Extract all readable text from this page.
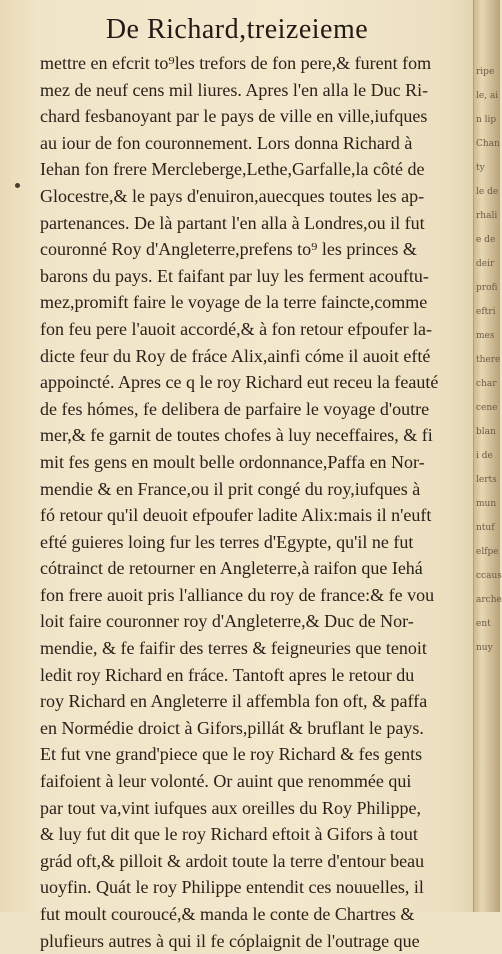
De Richard,treizeieme
mettre en efcrit to⁹les trefors de fon pere,& furent fom
mez de neuf cens mil liures. Apres l'en alla le Duc Ri-
chard fesbanoyant par le pays de ville en ville,iufques
au iour de fon couronnement. Lors donna Richard à
Iehan fon frere Mercleberge,Lethe,Garfalle,la côté de
Glocestre,& le pays d'enuiron,auecques toutes les ap-
partenances. De là partant l'en alla à Londres,ou il fut
couronné Roy d'Angleterre,prefens to⁹ les princes &
barons du pays. Et faifant par luy les ferment acouftu-
mez,promift faire le voyage de la terre faincte,comme
fon feu pere l'auoit accordé,& à fon retour efpoufer la-
dicte feur du Roy de fráce Alix,ainfi cóme il auoit efté
appoincté. Apres ce q le roy Richard eut receu la feauté
de fes hómes, fe delibera de parfaire le voyage d'outre
mer,& fe garnit de toutes chofes à luy neceffaires, & fi
mit fes gens en moult belle ordonnance,Paffa en Nor-
mendie & en France,ou il prit congé du roy,iufques à
fó retour qu'il deuoit efpoufer ladite Alix:mais il n'euft
efté guieres loing fur les terres d'Egypte, qu'il ne fut
cótrainct de retourner en Angleterre,à raifon que Iehá
fon frere auoit pris l'alliance du roy de france:& fe vou
loit faire couronner roy d'Angleterre,& Duc de Nor-
mendie, & fe faifir des terres & feigneuries que tenoit
ledit roy Richard en fráce. Tantoft apres le retour du
roy Richard en Angleterre il affembla fon oft, & paffa
en Normédie droict à Gifors,pillát & bruflant le pays.
Et fut vne grand'piece que le roy Richard & fes gents
faifoient à leur volonté. Or auint que renommée qui
par tout va,vint iufques aux oreilles du Roy Philippe,
& luy fut dit que le roy Richard eftoit à Gifors à tout
grád oft,& pilloit & ardoit toute la terre d'entour beau
uoyfin. Quát le roy Philippe entendit ces nouuelles, il
fut moult couroucé,& manda le conte de Chartres &
plufieurs autres à qui il fe cóplaignit de l'outrage que
ripe
le, ai
n lip
Chan
ty
le de
rhali
e de
deir
profi
eftri
mes
there
char
cene
blan
i de
lerts
mun
ntuf
elfpe
ccaus
arche
ent
nuy
